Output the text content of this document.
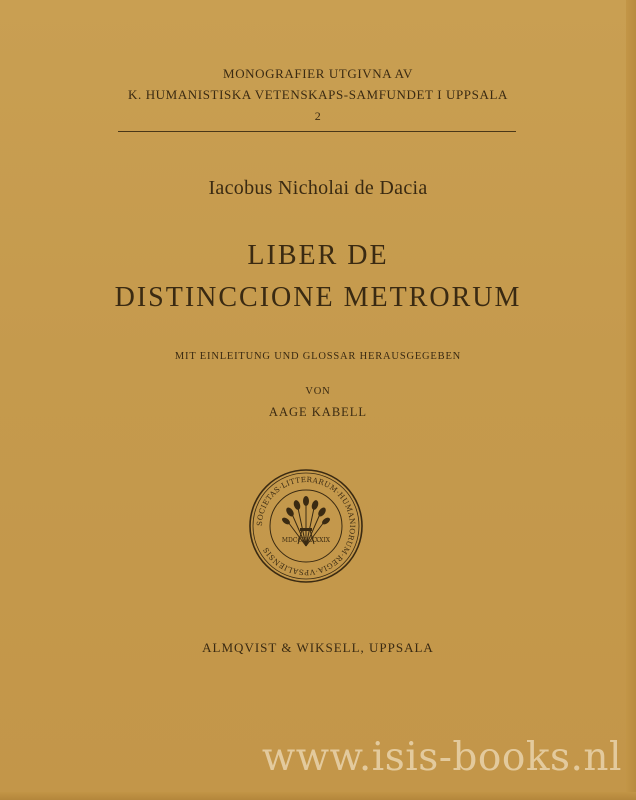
MONOGRAFIER UTGIVNA AV
K. HUMANISTISKA VETENSKAPS-SAMFUNDET I UPPSALA
2
Iacobus Nicholai de Dacia
LIBER DE
DISTINCCIONE METRORUM
MIT EINLEITUNG UND GLOSSAR HERAUSGEGEBEN
VON
AAGE KABELL
SOCIETAS·LITTERARUM·HUMANIORUM·REGIA·VPSALIENSIS
MDCCCLXXXIX
ALMQVIST & WIKSELL, UPPSALA
www.isis-books.nl
